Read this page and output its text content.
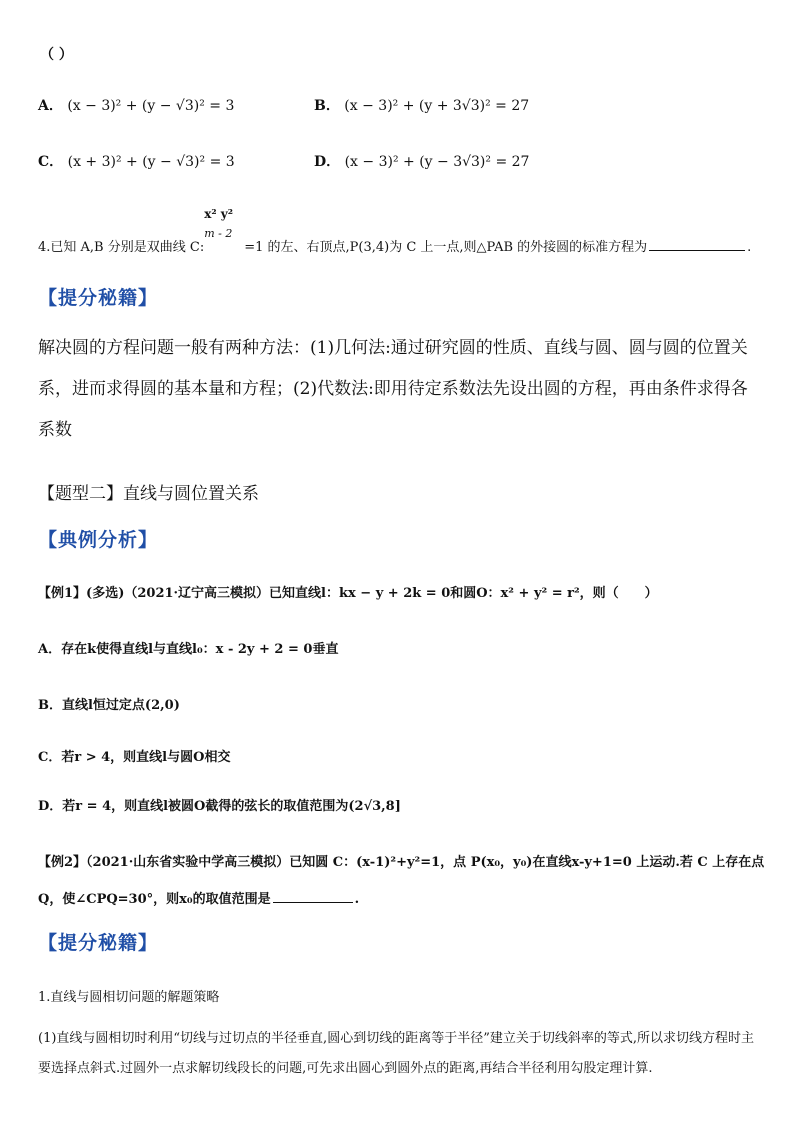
（ ）
A． (x − 3)² + (y − √3)² = 3	B． (x − 3)² + (y + 3√3)² = 27
C． (x + 3)² + (y − √3)² = 3	D． (x − 3)² + (y − 3√3)² = 27
4.已知 A,B 分别是双曲线 C:
x² y²
m - 2
=1 的左、右顶点,P(3,4)为 C 上一点,则△PAB 的外接圆的标准方程为	.
【提分秘籍】
解决圆的方程问题一般有两种方法：(1)几何法:通过研究圆的性质、直线与圆、圆与圆的位置关系，进而求得圆的基本量和方程；(2)代数法:即用待定系数法先设出圆的方程，再由条件求得各系数
【题型二】直线与圆位置关系
【典例分析】
【例1】(多选)（2021·辽宁高三模拟）已知直线l：kx − y + 2k = 0和圆O：x² + y² = r²，则（　　）
A．存在k使得直线l与直线l₀：x - 2y + 2 = 0垂直
B．直线l恒过定点(2,0)
C．若r > 4，则直线l与圆O相交
D．若r = 4，则直线l被圆O截得的弦长的取值范围为(2√3,8]
【例2】（2021·山东省实验中学高三模拟）已知圆 C：(x-1)²+y²=1，点 P(x₀，y₀)在直线x-y+1=0 上运动.若 C 上存在点
Q，使∠CPQ=30°，则x₀的取值范围是	.
【提分秘籍】
1.直线与圆相切问题的解题策略
(1)直线与圆相切时利用“切线与过切点的半径垂直,圆心到切线的距离等于半径”建立关于切线斜率的等式,所以求切线方程时主要选择点斜式.过圆外一点求解切线段长的问题,可先求出圆心到圆外点的距离,再结合半径利用勾股定理计算.
